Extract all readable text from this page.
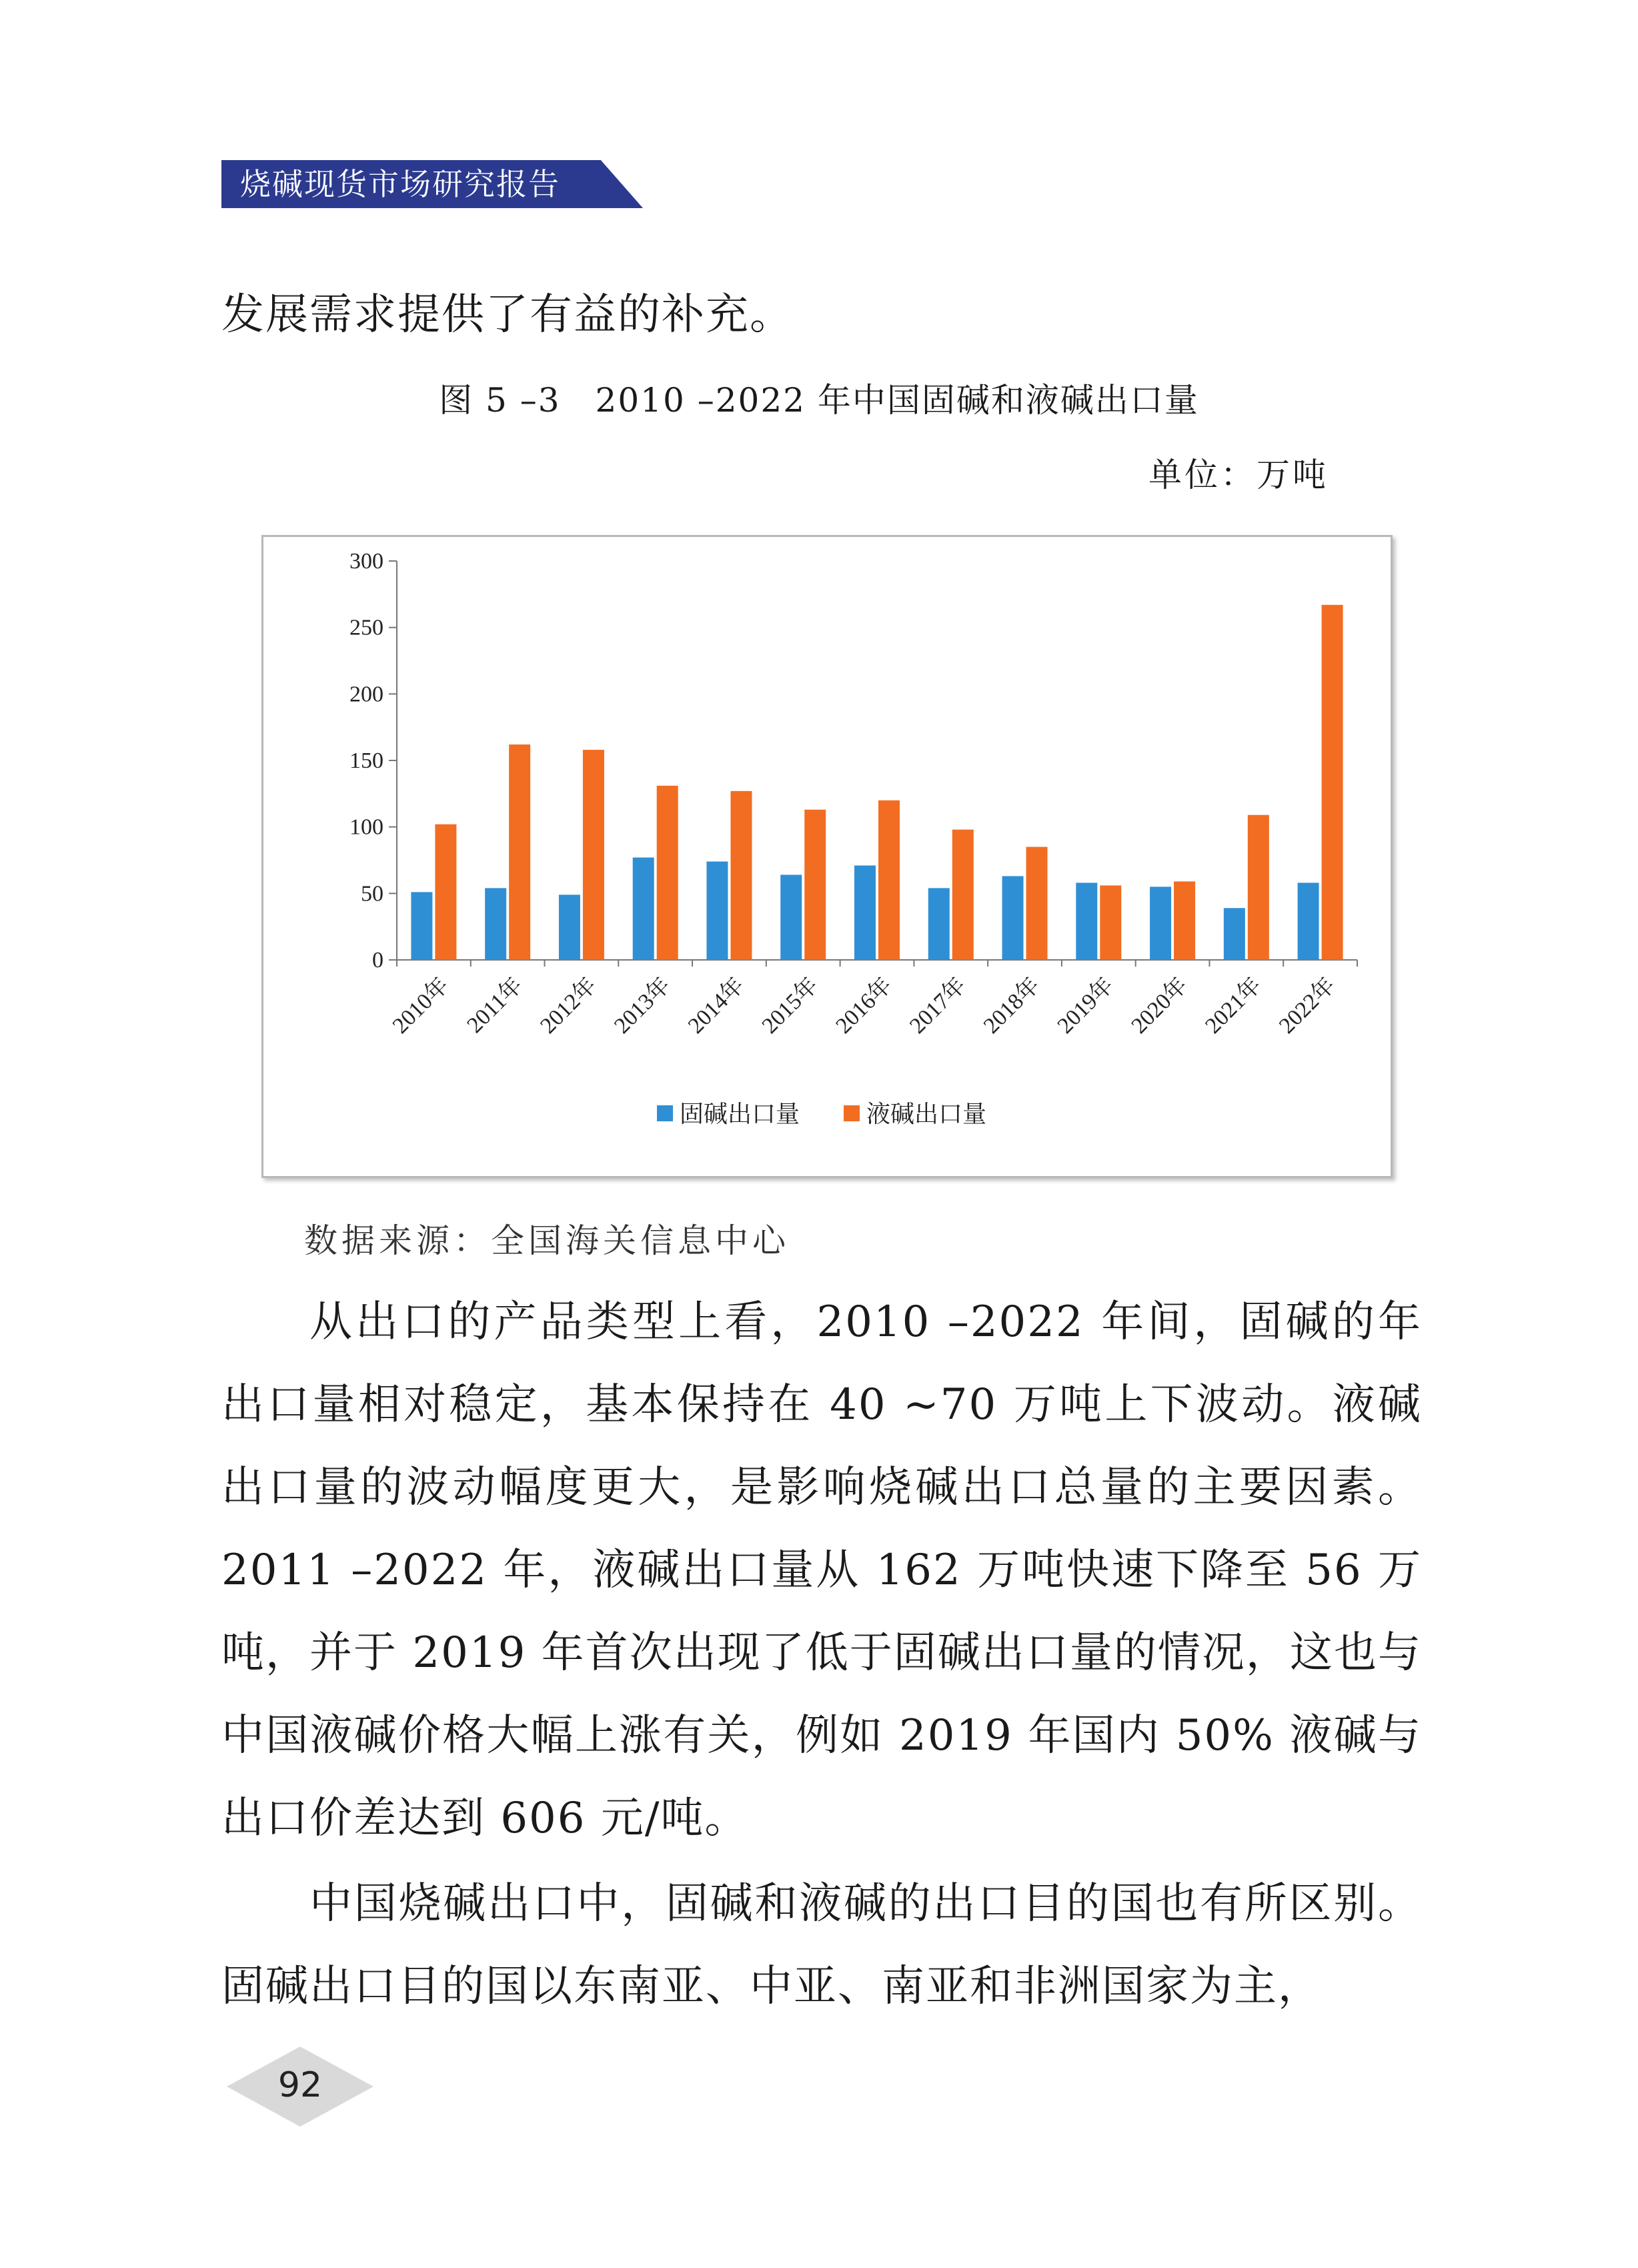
烧碱现货市场研究报告
发展需求提供了有益的补充。
图 5 –3　2010 –2022 年中国固碱和液碱出口量
单位：万吨
0
50
100
150
200
250
300
2010年 2011年 2012年 2013年 2014年 2015年 2016年 2017年 2018年 2019年 2020年 2021年 2022年
固碱出口量	液碱出口量
数据来源：全国海关信息中心

从出口的产品类型上看，2010 –2022 年间，固碱的年出口量相对稳定，基本保持在 40 ~70 万吨上下波动。液碱出口量的波动幅度更大，是影响烧碱出口总量的主要因素。2011 –2022 年，液碱出口量从 162 万吨快速下降至 56 万吨，并于 2019 年首次出现了低于固碱出口量的情况，这也与中国液碱价格大幅上涨有关，例如 2019 年国内 50% 液碱与出口价差达到 606 元/吨。

中国烧碱出口中，固碱和液碱的出口目的国也有所区别。固碱出口目的国以东南亚、中亚、南亚和非洲国家为主，

92
